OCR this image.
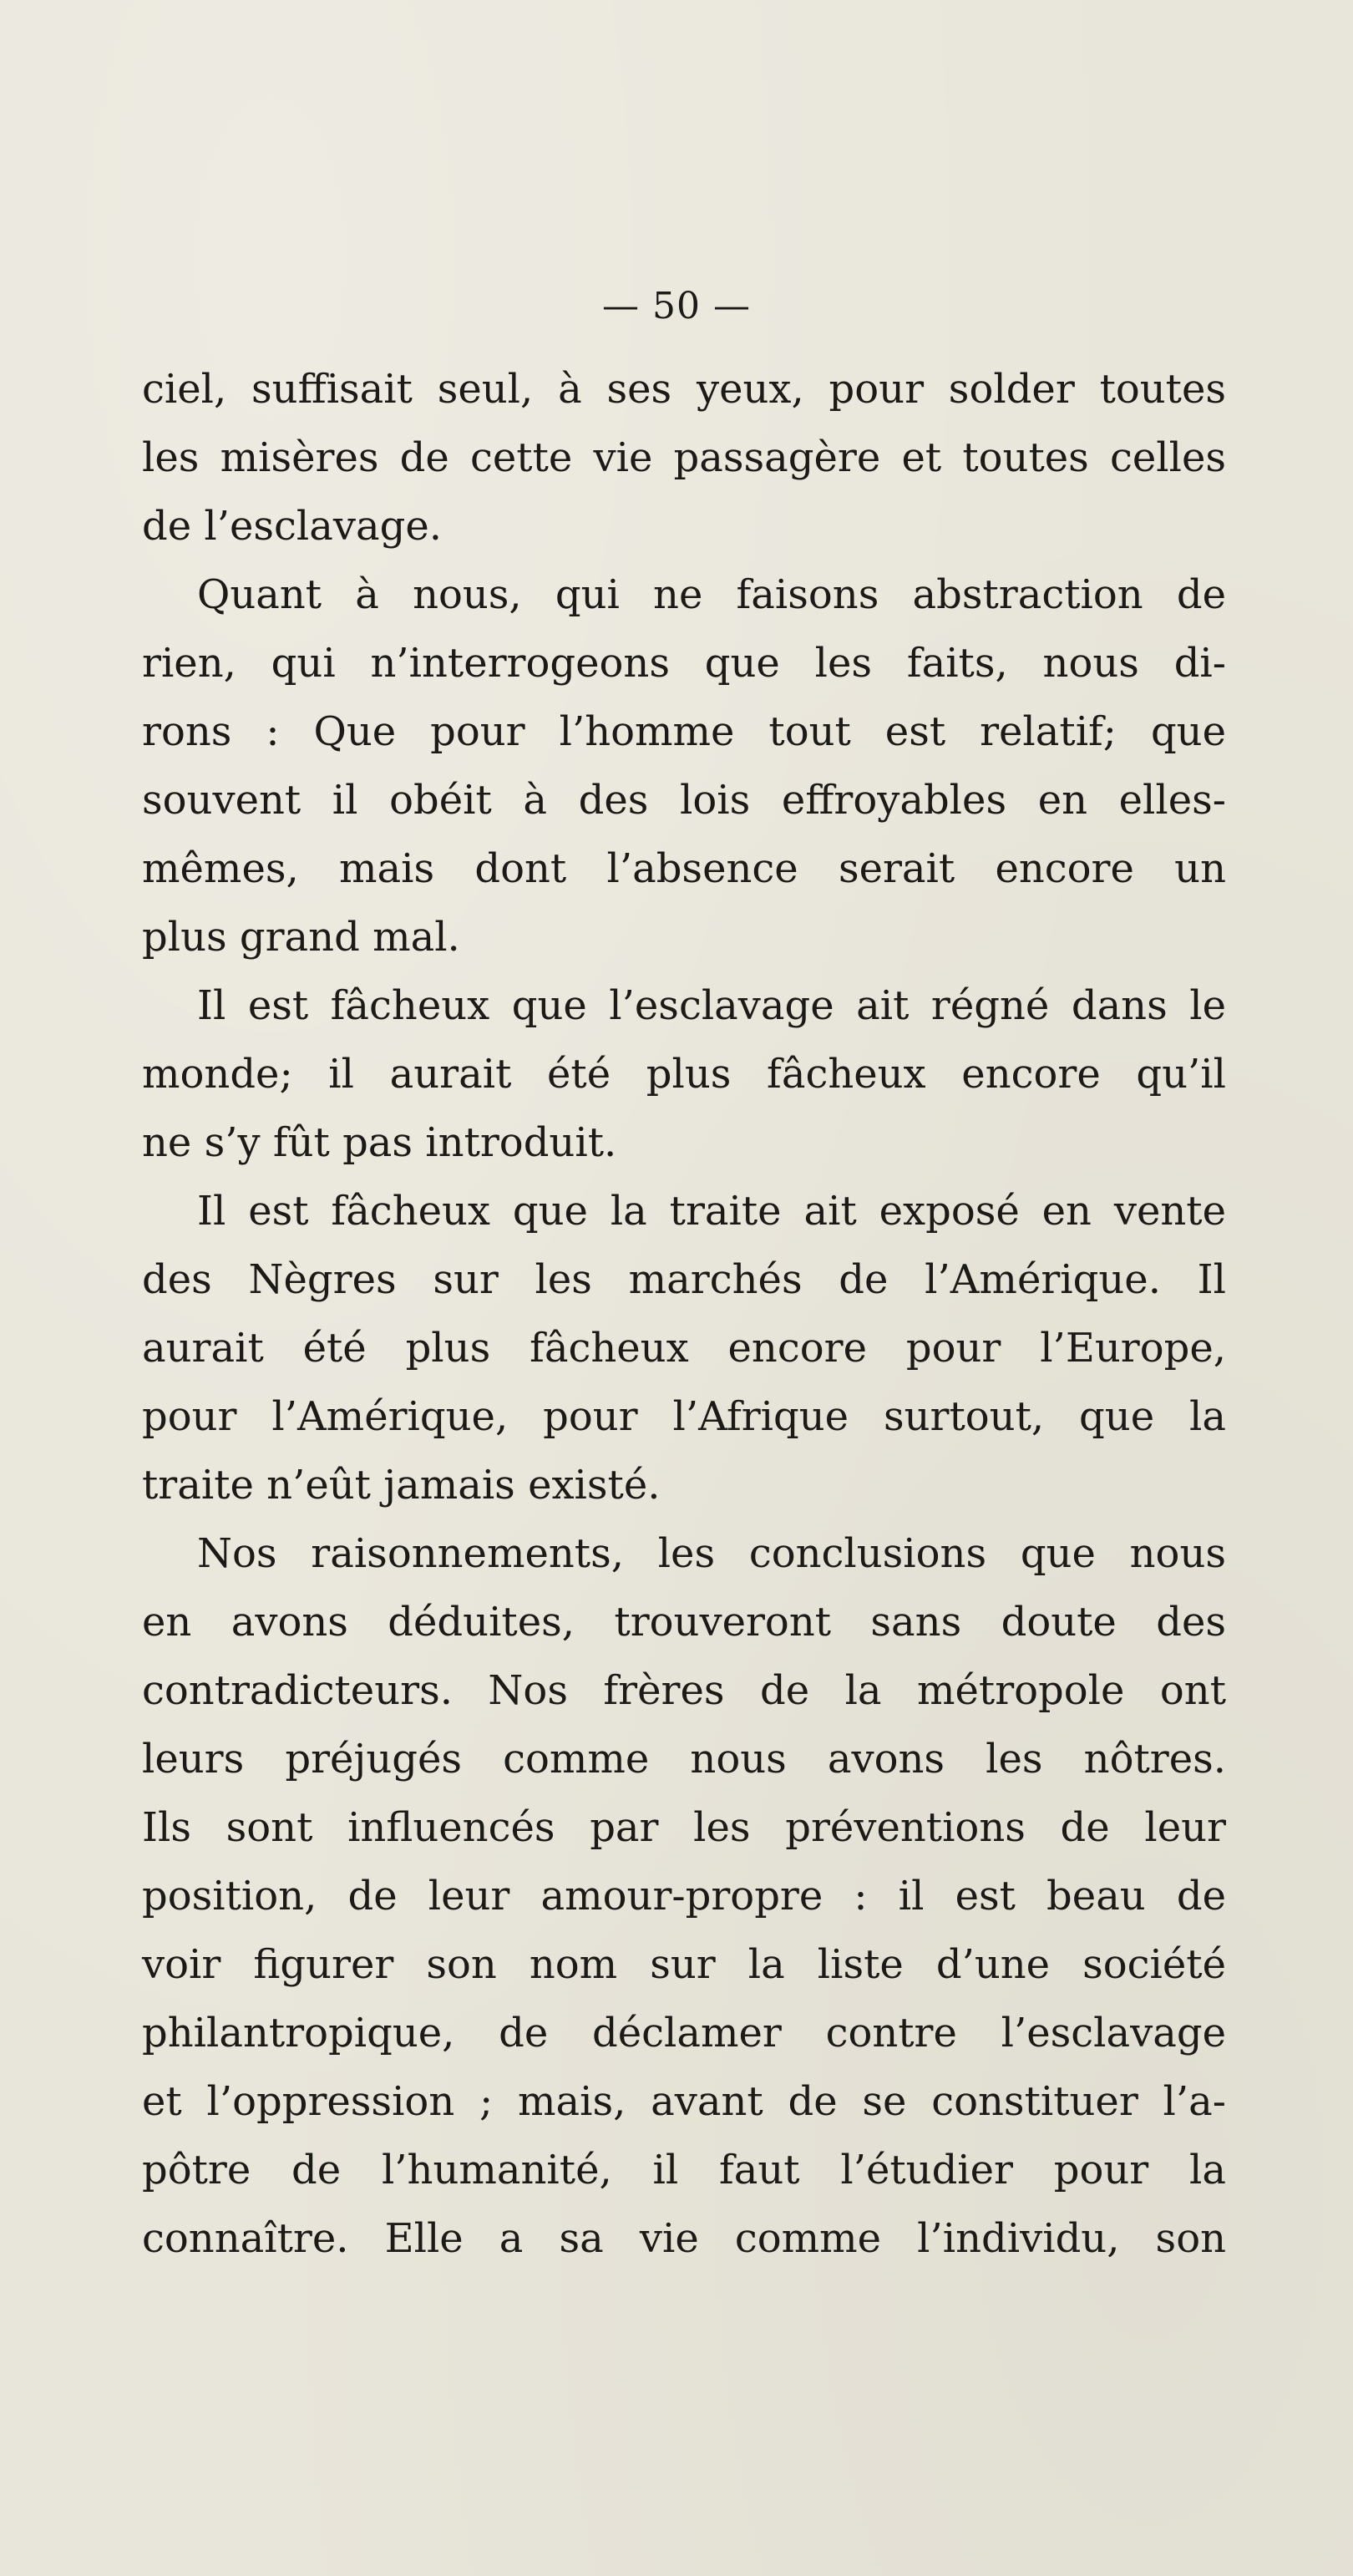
— 50 —
ciel, suffisait seul, à ses yeux, pour solder toutes
les misères de cette vie passagère et toutes celles
de l’esclavage.
Quant à nous, qui ne faisons abstraction de
rien, qui n’interrogeons que les faits, nous di-
rons : Que pour l’homme tout est relatif; que
souvent il obéit à des lois effroyables en elles-
mêmes, mais dont l’absence serait encore un
plus grand mal.
Il est fâcheux que l’esclavage ait régné dans le
monde; il aurait été plus fâcheux encore qu’il
ne s’y fût pas introduit.
Il est fâcheux que la traite ait exposé en vente
des Nègres sur les marchés de l’Amérique. Il
aurait été plus fâcheux encore pour l’Europe,
pour l’Amérique, pour l’Afrique surtout, que la
traite n’eût jamais existé.
Nos raisonnements, les conclusions que nous
en avons déduites, trouveront sans doute des
contradicteurs. Nos frères de la métropole ont
leurs préjugés comme nous avons les nôtres.
Ils sont influencés par les préventions de leur
position, de leur amour-propre : il est beau de
voir figurer son nom sur la liste d’une société
philantropique, de déclamer contre l’esclavage
et l’oppression ; mais, avant de se constituer l’a-
pôtre de l’humanité, il faut l’étudier pour la
connaître. Elle a sa vie comme l’individu, son
